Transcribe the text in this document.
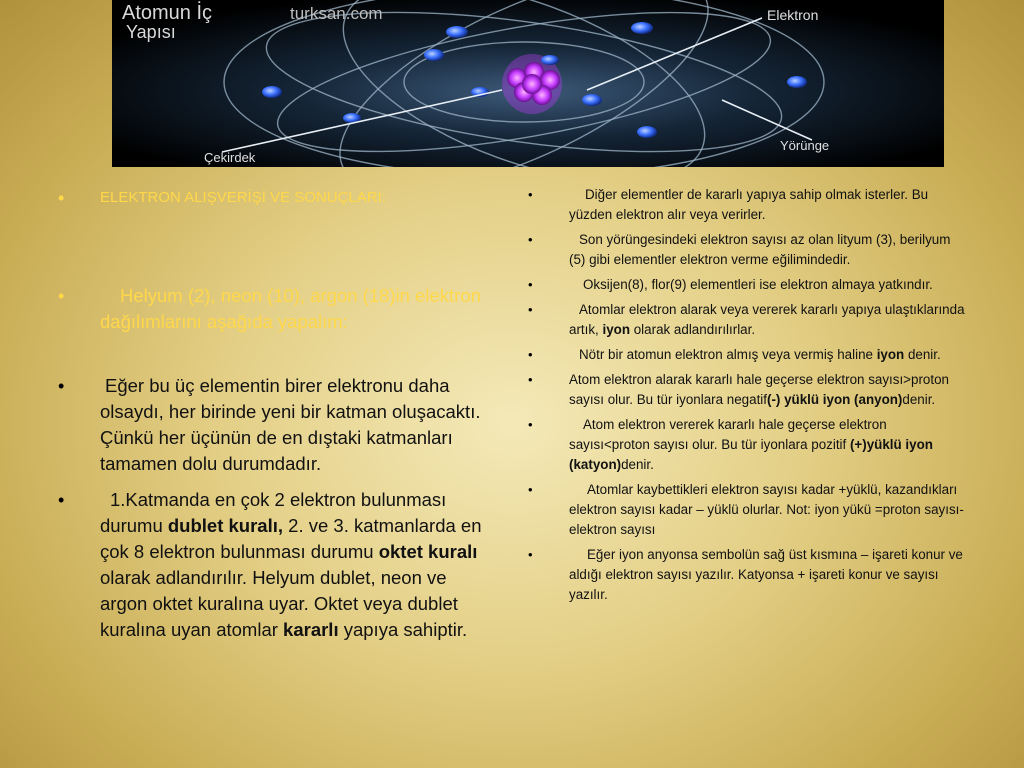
Atomun İç
Yapısı
turksan.com	Elektron
Çekirdek
Yörünge
•	ELEKTRON ALIŞVERİŞİ VE SONUÇLARI:
•	Helyum (2), neon (10), argon (18)in elektron dağılımlarını aşağıda yapalım:
•	Eğer bu üç elementin birer elektronu daha olsaydı, her birinde yeni bir katman oluşacaktı. Çünkü her üçünün de en dıştaki katmanları tamamen dolu durumdadır.
•	1.Katmanda en çok 2 elektron bulunması durumu dublet kuralı, 2. ve 3. katmanlarda en çok 8 elektron bulunması durumu oktet kuralı olarak adlandırılır. Helyum dublet, neon ve argon oktet kuralına uyar. Oktet veya dublet kuralına uyan atomlar kararlı yapıya sahiptir.
•	Diğer elementler de kararlı yapıya sahip olmak isterler. Bu yüzden elektron alır veya verirler.
•	Son yörüngesindeki elektron sayısı az olan lityum (3), berilyum (5) gibi elementler elektron verme eğilimindedir.
•	Oksijen(8), flor(9) elementleri ise elektron almaya yatkındır.
•	Atomlar elektron alarak veya vererek kararlı yapıya ulaştıklarında artık, iyon olarak adlandırılırlar.
•	Nötr bir atomun elektron almış veya vermiş haline iyon denir.
•	Atom elektron alarak kararlı hale geçerse elektron sayısı>proton sayısı olur. Bu tür iyonlara negatif(-) yüklü iyon (anyon)denir.
•	Atom elektron vererek kararlı hale geçerse elektron sayısı<proton sayısı olur. Bu tür iyonlara pozitif (+)yüklü iyon (katyon)denir.
•	Atomlar kaybettikleri elektron sayısı kadar +yüklü, kazandıkları elektron sayısı kadar – yüklü olurlar. Not: iyon yükü =proton sayısı- elektron sayısı
•	Eğer iyon anyonsa sembolün sağ üst kısmına – işareti konur ve aldığı elektron sayısı yazılır. Katyonsa + işareti konur ve sayısı yazılır.
